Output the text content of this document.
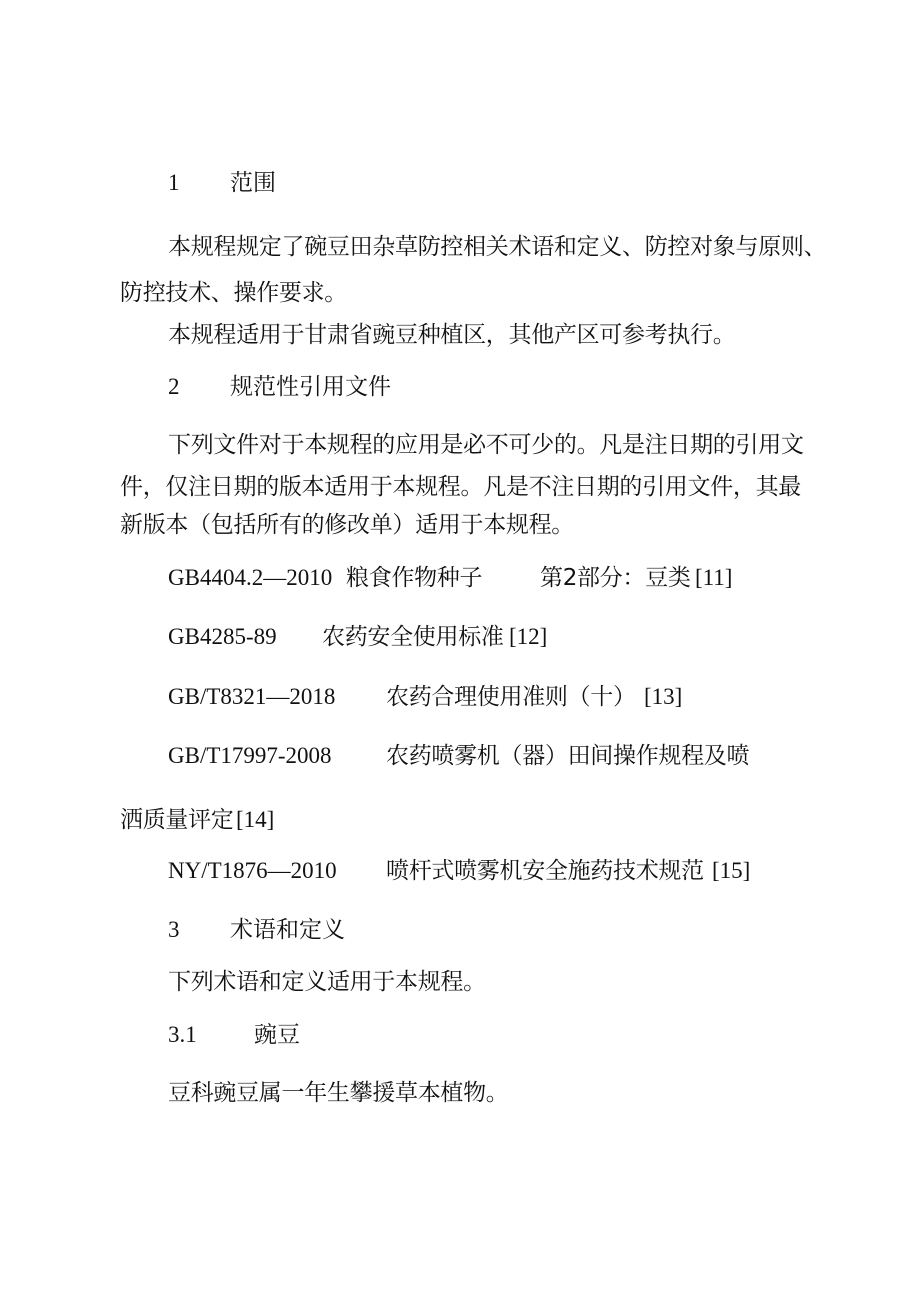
1 范围
本规程规定了碗豆田杂草防控相关术语和定义、防控对象与原则、
防控技术、操作要求。
本规程适用于甘肃省豌豆种植区，其他产区可参考执行。
2 规范性引用文件
下列文件对于本规程的应用是必不可少的。凡是注日期的引用文
件，仅注日期的版本适用于本规程。凡是不注日期的引用文件，其最
新版本（包括所有的修改单）适用于本规程。
GB4404.2—2010 粮食作物种子	第2部分：豆类 [11]
GB4285-89 农药安全使用标准 [12]
GB/T8321—2018 农药合理使用准则（十） [13]
GB/T17997-2008 农药喷雾机（器）田间操作规程及喷
洒质量评定 [14]
NY/T1876—2010 喷杆式喷雾机安全施药技术规范 [15]
3 术语和定义
下列术语和定义适用于本规程。
3.1 豌豆
豆科豌豆属一年生攀援草本植物。
